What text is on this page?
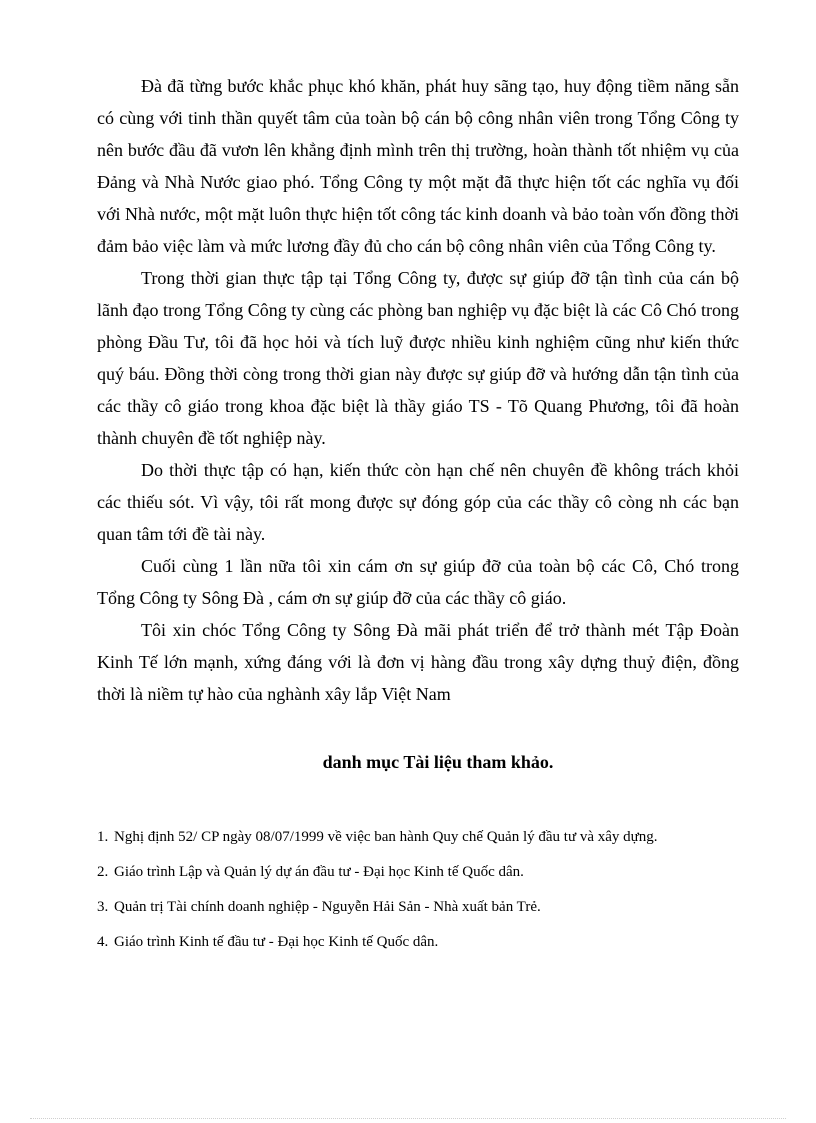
Đà đã từng bước khắc phục khó khăn, phát huy sãng tạo, huy động tiềm năng sẵn có cùng với tinh thần quyết tâm của toàn bộ cán bộ công nhân viên trong Tổng Công ty nên bước đầu đã vươn lên khẳng định mình trên thị trường, hoàn thành tốt nhiệm vụ của Đảng và Nhà Nước giao phó. Tổng Công ty một mặt đã thực hiện tốt các nghĩa vụ đối với Nhà nước, một mặt luôn thực hiện tốt công tác kinh doanh và bảo toàn vốn đồng thời đảm bảo việc làm và mức lương đầy đủ cho cán bộ công nhân viên của Tổng Công ty.

Trong thời gian thực tập tại Tổng Công ty, được sự giúp đỡ tận tình của cán bộ lãnh đạo trong Tổng Công ty cùng các phòng ban nghiệp vụ đặc biệt là các Cô Chó trong phòng Đầu Tư, tôi đã học hỏi và tích luỹ được nhiều kinh nghiệm cũng như kiến thức quý báu. Đồng thời còng trong thời gian này được sự giúp đỡ và hướng dẫn tận tình của các thầy cô giáo trong khoa đặc biệt là thầy giáo TS - Tõ Quang Phương, tôi đã hoàn thành chuyên đề tốt nghiệp này.

Do thời thực tập có hạn, kiến thức còn hạn chế nên chuyên đề không trách khỏi các thiếu sót. Vì vậy, tôi rất mong được sự đóng góp của các thầy cô còng nh các bạn quan tâm tới đề tài này.

Cuối cùng 1 lần nữa tôi xin cám ơn sự giúp đỡ của toàn bộ các Cô, Chó trong Tổng Công ty Sông Đà , cám ơn sự giúp đỡ của các thầy cô giáo.

Tôi xin chóc Tổng Công ty Sông Đà mãi phát triển để trở thành mét Tập Đoàn Kinh Tế lớn mạnh, xứng đáng với là đơn vị hàng đầu trong xây dựng thuỷ điện, đồng thời là niềm tự hào của nghành xây lắp Việt Nam

danh mục Tài liệu tham khảo.
1. Nghị định 52/ CP ngày 08/07/1999 về việc ban hành Quy chế Quản lý đầu tư và xây dựng.
2. Giáo trình Lập và Quản lý dự án đầu tư - Đại học Kinh tế Quốc dân.
3. Quản trị Tài chính doanh nghiệp - Nguyễn Hải Sản - Nhà xuất bản Trẻ.
4. Giáo trình Kinh tế đầu tư - Đại học Kinh tế Quốc dân.
